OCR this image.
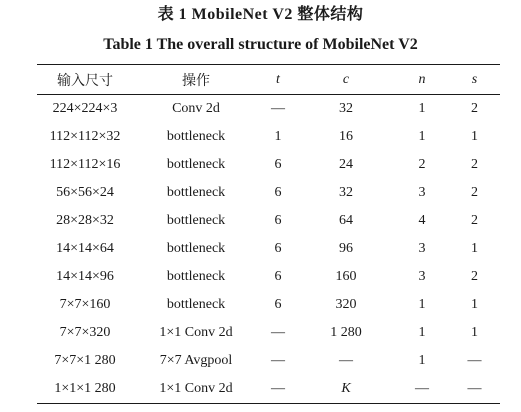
表 1 MobileNet V2 整体结构
Table 1 The overall structure of MobileNet V2
输入尺寸	操作	t	c	n	s
224×224×3	Conv 2d	—	32	1	2
112×112×32	bottleneck	1	16	1	1
112×112×16	bottleneck	6	24	2	2
56×56×24	bottleneck	6	32	3	2
28×28×32	bottleneck	6	64	4	2
14×14×64	bottleneck	6	96	3	1
14×14×96	bottleneck	6	160	3	2
7×7×160	bottleneck	6	320	1	1
7×7×320	1×1 Conv 2d	—	1 280	1	1
7×7×1 280	7×7 Avgpool	—	—	1	—
1×1×1 280	1×1 Conv 2d	—	K	—	—
